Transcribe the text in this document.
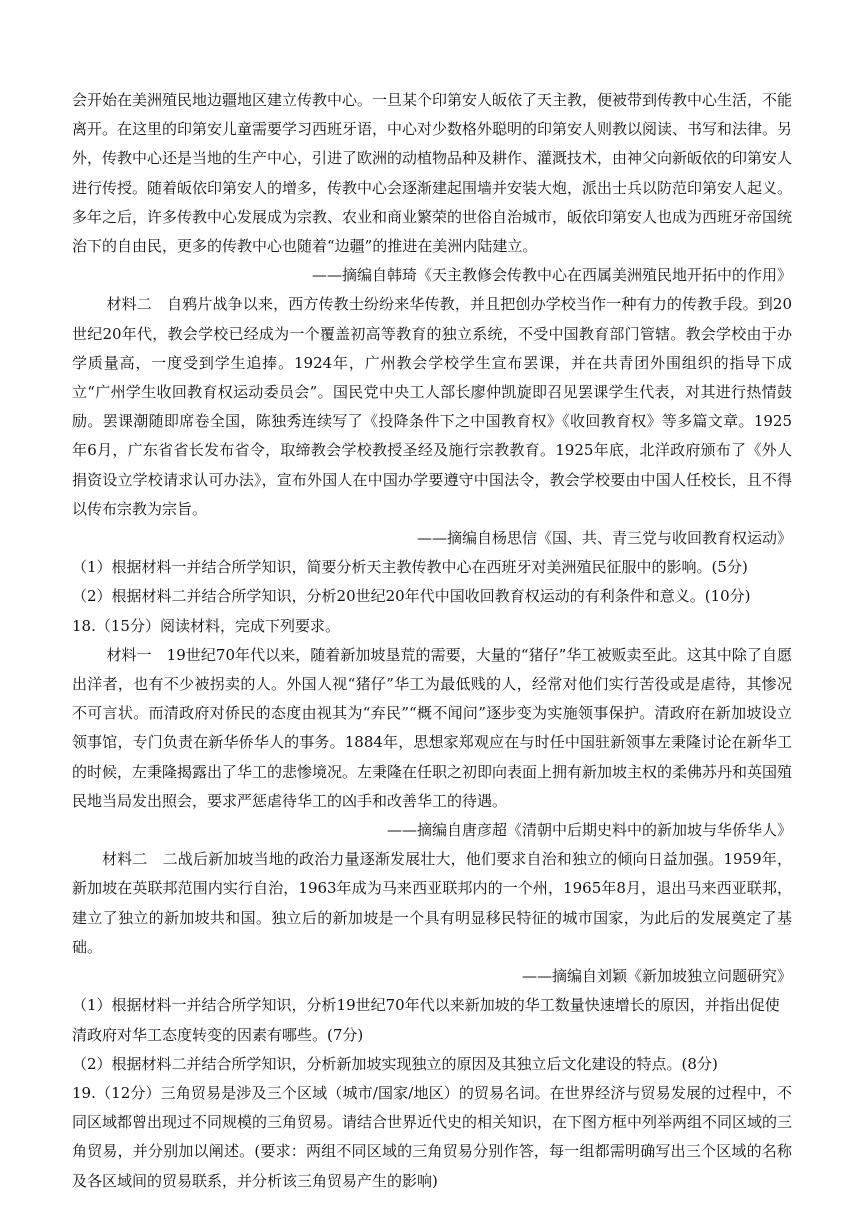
会开始在美洲殖民地边疆地区建立传教中心。一旦某个印第安人皈依了天主教，便被带到传教中心生活，不能离开。在这里的印第安儿童需要学习西班牙语，中心对少数格外聪明的印第安人则教以阅读、书写和法律。另外，传教中心还是当地的生产中心，引进了欧洲的动植物品种及耕作、灌溉技术，由神父向新皈依的印第安人进行传授。随着皈依印第安人的增多，传教中心会逐渐建起围墙并安装大炮，派出士兵以防范印第安人起义。多年之后，许多传教中心发展成为宗教、农业和商业繁荣的世俗自治城市，皈依印第安人也成为西班牙帝国统治下的自由民，更多的传教中心也随着“边疆”的推进在美洲内陆建立。

——摘编自韩琦《天主教修会传教中心在西属美洲殖民地开拓中的作用》

材料二　自鸦片战争以来，西方传教士纷纷来华传教，并且把创办学校当作一种有力的传教手段。到20世纪20年代，教会学校已经成为一个覆盖初高等教育的独立系统，不受中国教育部门管辖。教会学校由于办学质量高，一度受到学生追捧。1924年，广州教会学校学生宣布罢课，并在共青团外围组织的指导下成立“广州学生收回教育权运动委员会”。国民党中央工人部长廖仲凯旋即召见罢课学生代表，对其进行热情鼓励。罢课潮随即席卷全国，陈独秀连续写了《投降条件下之中国教育权》《收回教育权》等多篇文章。1925年6月，广东省省长发布省令，取缔教会学校教授圣经及施行宗教教育。1925年底，北洋政府颁布了《外人捐资设立学校请求认可办法》，宣布外国人在中国办学要遵守中国法令，教会学校要由中国人任校长，且不得以传布宗教为宗旨。

——摘编自杨思信《国、共、青三党与收回教育权运动》

（1）根据材料一并结合所学知识，简要分析天主教传教中心在西班牙对美洲殖民征服中的影响。(5分)

（2）根据材料二并结合所学知识，分析20世纪20年代中国收回教育权运动的有利条件和意义。(10分)

18.（15分）阅读材料，完成下列要求。

材料一　19世纪70年代以来，随着新加坡垦荒的需要，大量的“猪仔”华工被贩卖至此。这其中除了自愿出洋者，也有不少被拐卖的人。外国人视“猪仔”华工为最低贱的人，经常对他们实行苦役或是虐待，其惨况不可言状。而清政府对侨民的态度由视其为“弃民”“概不闻问”逐步变为实施领事保护。清政府在新加坡设立领事馆，专门负责在新华侨华人的事务。1884年，思想家郑观应在与时任中国驻新领事左秉隆讨论在新华工的时候，左秉隆揭露出了华工的悲惨境况。左秉隆在任职之初即向表面上拥有新加坡主权的柔佛苏丹和英国殖民地当局发出照会，要求严惩虐待华工的凶手和改善华工的待遇。

——摘编自唐彦超《清朝中后期史料中的新加坡与华侨华人》

材料二　二战后新加坡当地的政治力量逐渐发展壮大，他们要求自治和独立的倾向日益加强。1959年，新加坡在英联邦范围内实行自治，1963年成为马来西亚联邦内的一个州，1965年8月，退出马来西亚联邦，建立了独立的新加坡共和国。独立后的新加坡是一个具有明显移民特征的城市国家，为此后的发展奠定了基础。

——摘编自刘颖《新加坡独立问题研究》

（1）根据材料一并结合所学知识，分析19世纪70年代以来新加坡的华工数量快速增长的原因，并指出促使清政府对华工态度转变的因素有哪些。(7分)

（2）根据材料二并结合所学知识，分析新加坡实现独立的原因及其独立后文化建设的特点。(8分)

19.（12分）三角贸易是涉及三个区域（城市/国家/地区）的贸易名词。在世界经济与贸易发展的过程中，不同区域都曾出现过不同规模的三角贸易。请结合世界近代史的相关知识，在下图方框中列举两组不同区域的三角贸易，并分别加以阐述。(要求：两组不同区域的三角贸易分别作答，每一组都需明确写出三个区域的名称及各区域间的贸易联系，并分析该三角贸易产生的影响)
